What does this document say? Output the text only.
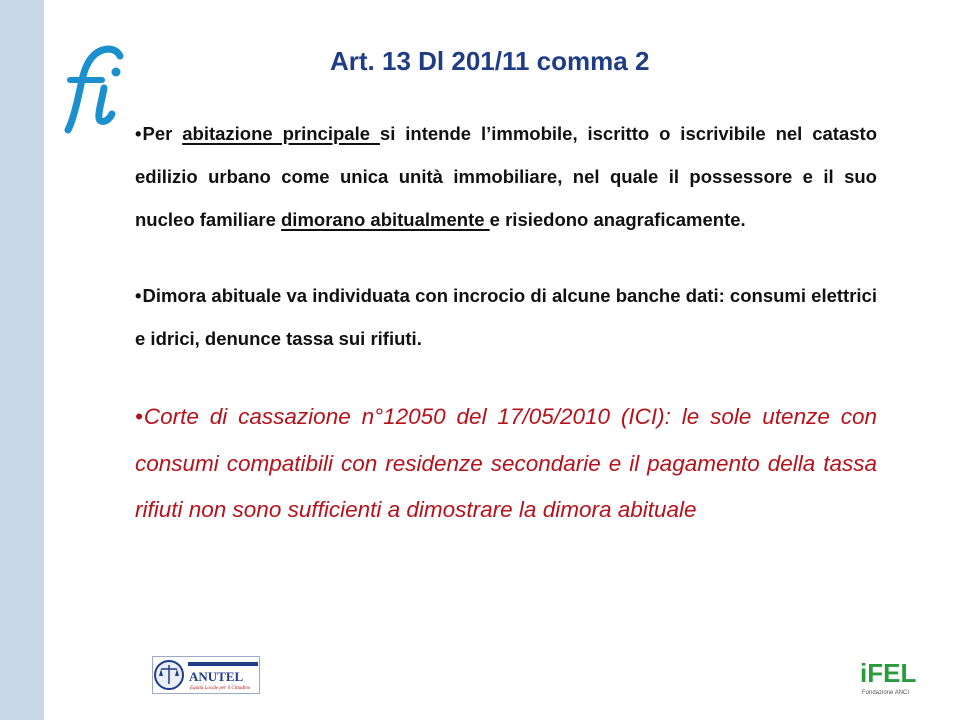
Art. 13 Dl 201/11 comma 2

•Per abitazione principale si intende l’immobile, iscritto o iscrivibile nel catasto edilizio urbano come unica unità immobiliare, nel quale il possessore e il suo nucleo familiare dimorano abitualmente e risiedono anagraficamente.

•Dimora abituale va individuata con incrocio di alcune banche dati: consumi elettrici e idrici, denunce tassa sui rifiuti.

•Corte di cassazione n°12050 del 17/05/2010 (ICI): le sole utenze con consumi compatibili con residenze secondarie e il pagamento della tassa rifiuti non sono sufficienti a dimostrare la dimora abituale

ANUTEL
Equità Locale per il Cittadino
iFEL
Fondazione ANCI
